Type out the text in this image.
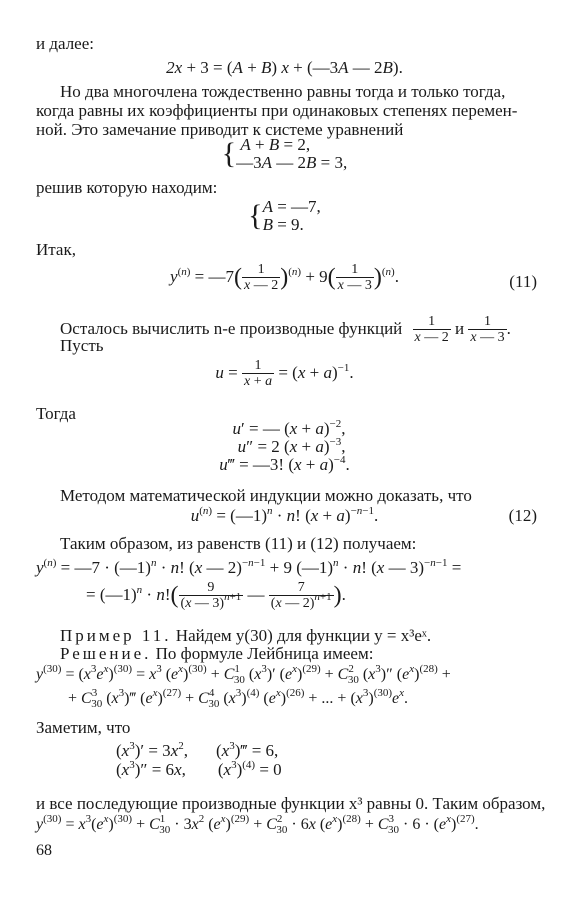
и далее:
2x + 3 = (A + B) x + (—3A — 2B).
Но два многочлена тождественно равны тогда и только тогда,
когда равны их коэффициенты при одинаковых степенях перемен-
ной. Это замечание приводит к системе уравнений
{ A + B = 2,
—3A — 2B = 3,
решив которую находим:
{ A = —7,
B = 9.
Итак,
$y^{(n)}$ = —7( $\frac{1}{x — 2} )^{(n)} + 9( \frac{1}{x — 3} )^{(n)}$.	(11)
Осталось вычислить n-е производные функций $\frac{1}{x — 2}$ и $\frac{1}{x — 3}$ .
Пусть
$u = \frac{1}{x + a} = (x + a)^{-1}$.
Тогда
u′ = — $(x + a)^{-2}$,
u″ = 2 $(x + a)^{-3}$,
u‴ = —3! $(x + a)^{-4}$.
Методом математической индукции можно доказать, что
$u^{(n)}$ = (—1)$^n$ · n! $(x + a)^{-n-1}$.	(12)
Таким образом, из равенств (11) и (12) получаем:
$y^{(n)}$ = —7 · (—1)$^n$ · n! (x — 2)$^{-n-1}$ + 9 (—1)$^n$ · n! (x — 3)$^{-n-1}$ =
= (—1)$^n$ · $n!( \frac{9}{(x — 3)^{n+1}}$ — $\frac{7}{(x — 2)^{n+1}}$ ).
Пример 11. Найдем y(30) для функции y = x³eˣ.
Решение. По формуле Лейбница имеем:
$y^{(30)} = (x^3e^x)^{(30)} = x^3$ $(e^x)^{(30)} + C^1_{30}$ $(x^3)'$ $(e^x)^{(29)} + C^2_{30}$ $(x^3)''$ $(e^x)^{(28)}$ +
+ $C^3_{30}$ $(x^3)‴$ $(e^x)^{(27)} + C^4_{30}$ $(x^3)^{(4)}$ $(e^x)^{(26)}$ + ... + $(x^3)^{(30)}e^x$.
Заметим, что
$(x^3)' = 3x^2$, $(x^3)‴ = 6$,
$(x^3)'' = 6x$, $(x^3)^{(4)} = 0$
и все последующие производные функции x³ равны 0. Таким образом,
$y^{(30)} = x^3(e^x)^{(30)} + C^1_{30} \cdot 3x^2$ $(e^x)^{(29)} + C^2_{30} \cdot 6x$ $(e^x)^{(28)} + C^3_{30} \cdot 6 \cdot (e^x)^{(27)}$.
68
